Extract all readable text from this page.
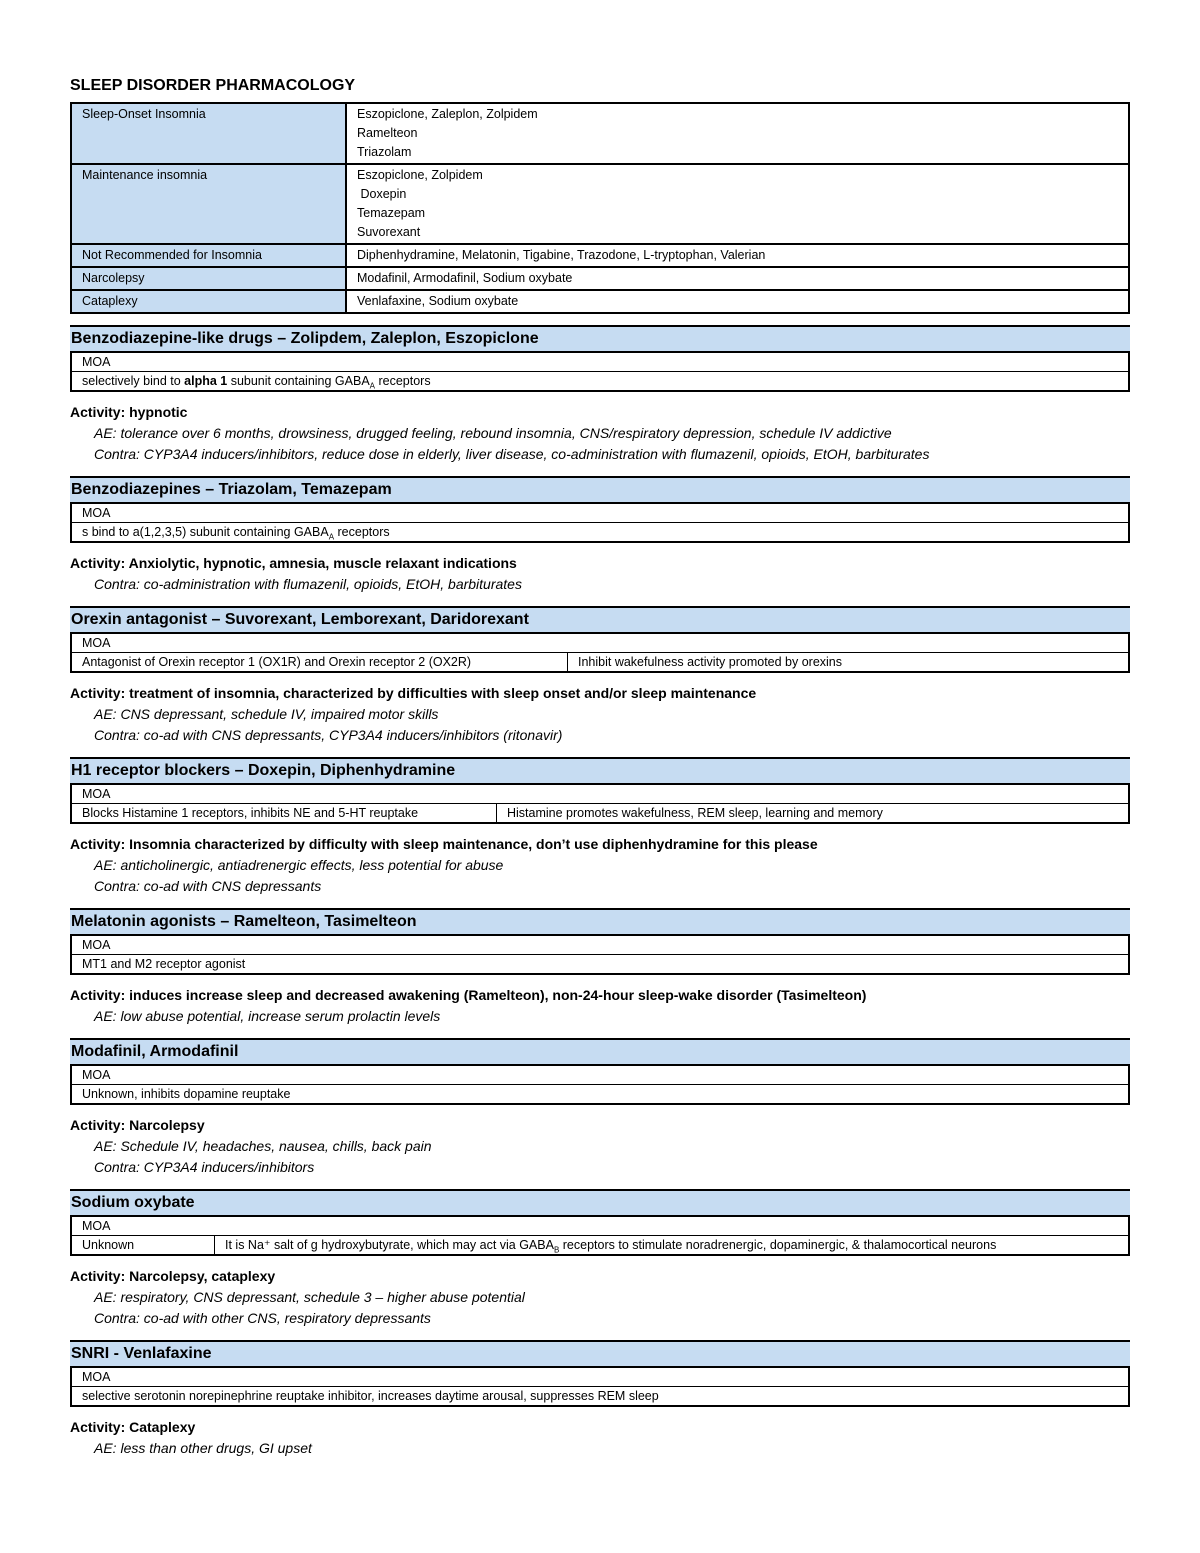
SLEEP DISORDER PHARMACOLOGY
Sleep-Onset Insomnia	Eszopiclone, Zaleplon, Zolpidem
Ramelteon
Triazolam

Maintenance insomnia	Eszopiclone, Zolpidem
Doxepin
Temazepam
Suvorexant

Not Recommended for Insomnia	Diphenhydramine, Melatonin, Tigabine, Trazodone, L-tryptophan, Valerian

Narcolepsy	Modafinil, Armodafinil, Sodium oxybate

Cataplexy	Venlafaxine, Sodium oxybate
Benzodiazepine-like drugs – Zolipdem, Zaleplon, Eszopiclone
MOA
selectively bind to alpha 1 subunit containing $GABA_A$ receptors
Activity: hypnotic
AE: tolerance over 6 months, drowsiness, drugged feeling, rebound insomnia, CNS/respiratory depression, schedule IV addictive
Contra: CYP3A4 inducers/inhibitors, reduce dose in elderly, liver disease, co-administration with flumazenil, opioids, EtOH, barbiturates
Benzodiazepines – Triazolam, Temazepam
MOA
s bind to a(1,2,3,5) subunit containing $GABA_A$ receptors
Activity: Anxiolytic, hypnotic, amnesia, muscle relaxant indications
Contra: co-administration with flumazenil, opioids, EtOH, barbiturates
Orexin antagonist – Suvorexant, Lemborexant, Daridorexant
MOA
Antagonist of Orexin receptor 1 (OX1R) and Orexin receptor 2 (OX2R)	Inhibit wakefulness activity promoted by orexins
Activity: treatment of insomnia, characterized by difficulties with sleep onset and/or sleep maintenance
AE: CNS depressant, schedule IV, impaired motor skills
Contra: co-ad with CNS depressants, CYP3A4 inducers/inhibitors (ritonavir)
H1 receptor blockers – Doxepin, Diphenhydramine
MOA
Blocks Histamine 1 receptors, inhibits NE and 5-HT reuptake	Histamine promotes wakefulness, REM sleep, learning and memory
Activity: Insomnia characterized by difficulty with sleep maintenance, don’t use diphenhydramine for this please
AE: anticholinergic, antiadrenergic effects, less potential for abuse
Contra: co-ad with CNS depressants
Melatonin agonists – Ramelteon, Tasimelteon
MOA
MT1 and M2 receptor agonist
Activity: induces increase sleep and decreased awakening (Ramelteon), non-24-hour sleep-wake disorder (Tasimelteon)
AE: low abuse potential, increase serum prolactin levels
Modafinil, Armodafinil
MOA
Unknown, inhibits dopamine reuptake
Activity: Narcolepsy
AE: Schedule IV, headaches, nausea, chills, back pain
Contra: CYP3A4 inducers/inhibitors
Sodium oxybate
MOA
Unknown	It is Na⁺ salt of g hydroxybutyrate, which may act via $GABA_B$ receptors to stimulate noradrenergic, dopaminergic, & thalamocortical neurons
Activity: Narcolepsy, cataplexy
AE: respiratory, CNS depressant, schedule 3 – higher abuse potential
Contra: co-ad with other CNS, respiratory depressants
SNRI - Venlafaxine
MOA
selective serotonin norepinephrine reuptake inhibitor, increases daytime arousal, suppresses REM sleep
Activity: Cataplexy
AE: less than other drugs, GI upset
